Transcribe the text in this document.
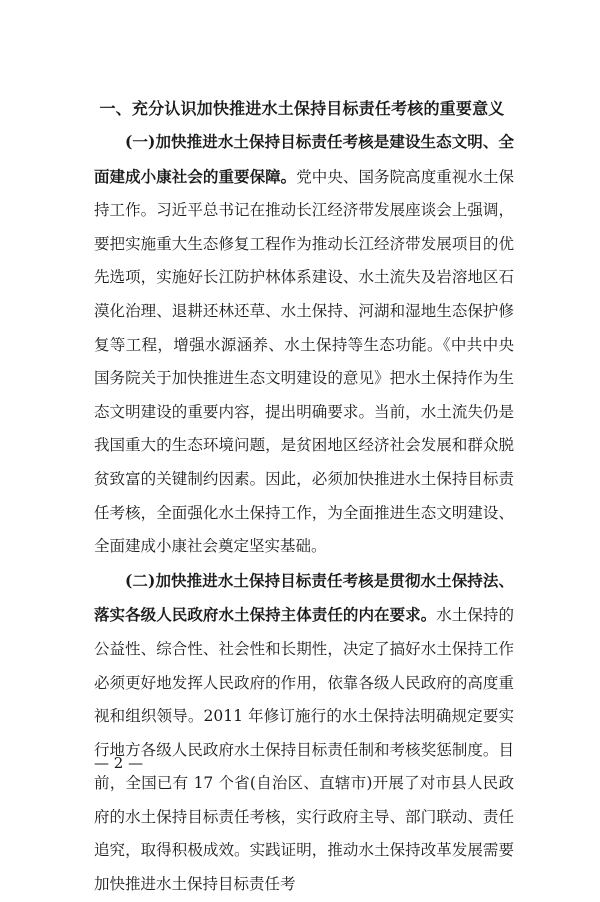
一、充分认识加快推进水土保持目标责任考核的重要意义

(一)加快推进水土保持目标责任考核是建设生态文明、全面建成小康社会的重要保障。党中央、国务院高度重视水土保持工作。习近平总书记在推动长江经济带发展座谈会上强调，要把实施重大生态修复工程作为推动长江经济带发展项目的优先选项，实施好长江防护林体系建设、水土流失及岩溶地区石漠化治理、退耕还林还草、水土保持、河湖和湿地生态保护修复等工程，增强水源涵养、水土保持等生态功能。《中共中央国务院关于加快推进生态文明建设的意见》把水土保持作为生态文明建设的重要内容，提出明确要求。当前，水土流失仍是我国重大的生态环境问题，是贫困地区经济社会发展和群众脱贫致富的关键制约因素。因此，必须加快推进水土保持目标责任考核，全面强化水土保持工作，为全面推进生态文明建设、全面建成小康社会奠定坚实基础。

(二)加快推进水土保持目标责任考核是贯彻水土保持法、落实各级人民政府水土保持主体责任的内在要求。水土保持的公益性、综合性、社会性和长期性，决定了搞好水土保持工作必须更好地发挥人民政府的作用，依靠各级人民政府的高度重视和组织领导。2011 年修订施行的水土保持法明确规定要实行地方各级人民政府水土保持目标责任制和考核奖惩制度。目前，全国已有 17 个省(自治区、直辖市)开展了对市县人民政府的水土保持目标责任考核，实行政府主导、部门联动、责任追究，取得积极成效。实践证明，推动水土保持改革发展需要加快推进水土保持目标责任考

— 2 —
